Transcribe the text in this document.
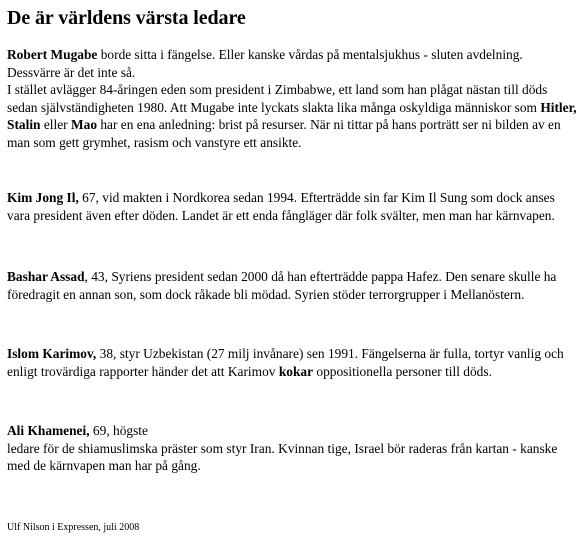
De är världens värsta ledare

Robert Mugabe borde sitta i fängelse. Eller kanske vårdas på mentalsjukhus - sluten avdelning. Dessvärre är det inte så.
I stället avlägger 84-åringen eden som president i Zimbabwe, ett land som han plågat nästan till döds sedan självständigheten 1980. Att Mugabe inte lyckats slakta lika många oskyldiga människor som Hitler, Stalin eller Mao har en ena anledning: brist på resurser. När ni tittar på hans porträtt ser ni bilden av en man som gett grymhet, rasism och vanstyre ett ansikte.

Kim Jong Il, 67, vid makten i Nordkorea sedan 1994. Efterträdde sin far Kim Il Sung som dock anses vara president även efter döden. Landet är ett enda fångläger där folk svälter, men man har kärnvapen.

Bashar Assad, 43, Syriens president sedan 2000 då han efterträdde pappa Hafez. Den senare skulle ha föredragit en annan son, som dock råkade bli mödad. Syrien stöder terrorgrupper i Mellanöstern.

Islom Karimov, 38, styr Uzbekistan (27 milj invånare) sen 1991. Fängelserna är fulla, tortyr vanlig och enligt trovärdiga rapporter händer det att Karimov kokar oppositionella personer till döds.

Ali Khamenei, 69, högste
ledare för de shiamuslimska präster som styr Iran. Kvinnan tige, Israel bör raderas från kartan - kanske med de kärnvapen man har på gång.

Ulf Nilson i Expressen, juli 2008
